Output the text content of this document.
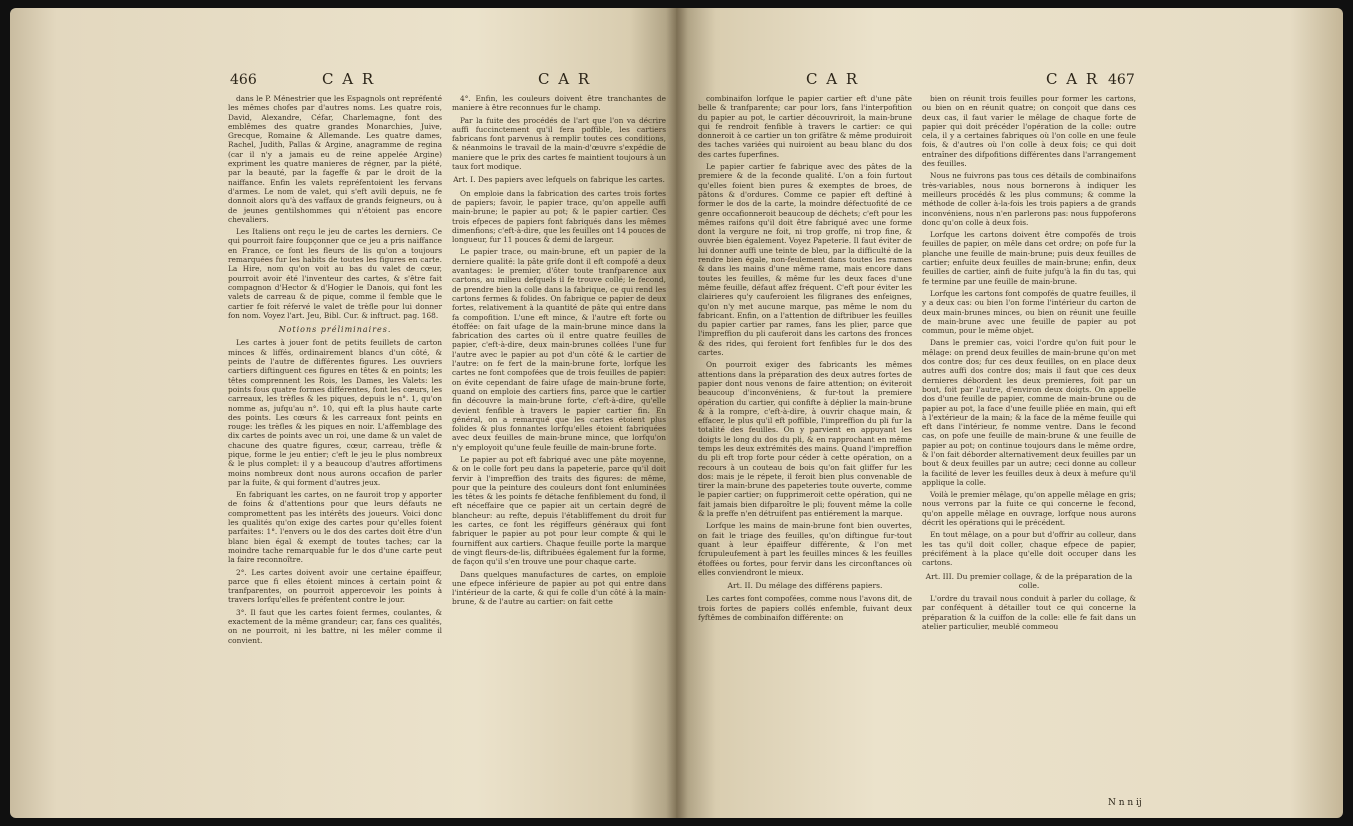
466	C A R	C A R

dans le P. Ménestrier que les Espagnols ont repréfenté les mêmes chofes par d'autres noms. Les quatre rois, David, Alexandre, Céfar, Charlemagne, font des emblêmes des quatre grandes Monarchies, Juive, Grecque, Romaine & Allemande. Les quatre dames, Rachel, Judith, Pallas & Argine, anagramme de regina (car il n'y a jamais eu de reine appelée Argine) expriment les quatre manieres de régner, par la piété, par la beauté, par la fageffe & par le droit de la naiffance. Enfin les valets repréfentoient les fervans d'armes. Le nom de valet, qui s'eft avili depuis, ne fe donnoit alors qu'à des vaffaux de grands feigneurs, ou à de jeunes gentilshommes qui n'étoient pas encore chevaliers.

Les Italiens ont reçu le jeu de cartes les derniers. Ce qui pourroit faire foupçonner que ce jeu a pris naiffance en France, ce font les fleurs de lis qu'on a toujours remarquées fur les habits de toutes les figures en carte. La Hire, nom qu'on voit au bas du valet de cœur, pourroit avoir été l'inventeur des cartes, & s'être fait compagnon d'Hector & d'Hogier le Danois, qui font les valets de carreau & de pique, comme il femble que le cartier fe foit réfervé le valet de trèfle pour lui donner fon nom. Voyez l'art. Jeu, Bibl. Cur. & inftruct. pag. 168.

Notions préliminaires.

Les cartes à jouer font de petits feuillets de carton minces & liffés, ordinairement blancs d'un côté, & peints de l'autre de différentes figures. Les ouvriers cartiers diftinguent ces figures en têtes & en points; les têtes comprennent les Rois, les Dames, les Valets: les points fous quatre formes différentes, font les cœurs, les carreaux, les trèfles & les piques, depuis le n°. 1, qu'on nomme as, jufqu'au n°. 10, qui eft la plus haute carte des points. Les cœurs & les carreaux font peints en rouge: les trèfles & les piques en noir. L'affemblage des dix cartes de points avec un roi, une dame & un valet de chacune des quatre figures, cœur, carreau, trèfle & pique, forme le jeu entier; c'eft le jeu le plus nombreux & le plus complet: il y a beaucoup d'autres affortimens moins nombreux dont nous aurons occafion de parler par la fuite, & qui forment d'autres jeux.

En fabriquant les cartes, on ne fauroit trop y apporter de foins & d'attentions pour que leurs défauts ne compromettent pas les intérêts des joueurs. Voici donc les qualités qu'on exige des cartes pour qu'elles foient parfaites: 1°. l'envers ou le dos des cartes doit être d'un blanc bien égal & exempt de toutes taches; car la moindre tache remarquable fur le dos d'une carte peut la faire reconnoître.

2°. Les cartes doivent avoir une certaine épaiffeur, parce que fi elles étoient minces à certain point & tranfparentes, on pourroit appercevoir les points à travers lorfqu'elles fe préfentent contre le jour.

3°. Il faut que les cartes foient fermes, coulantes, & exactement de la même grandeur; car, fans ces qualités, on ne pourroit, ni les battre, ni les mêler comme il convient.

4°. Enfin, les couleurs doivent être tranchantes de maniere à être reconnues fur le champ.

Par la fuite des procédés de l'art que l'on va décrire auffi fuccinctement qu'il fera poffible, les cartiers fabricans font parvenus à remplir toutes ces conditions, & néanmoins le travail de la main-d'œuvre s'expédie de maniere que le prix des cartes fe maintient toujours à un taux fort modique.

Art. I. Des papiers avec lefquels on fabrique les cartes.

On emploie dans la fabrication des cartes trois fortes de papiers; favoir, le papier trace, qu'on appelle auffi main-brune; le papier au pot; & le papier cartier. Ces trois efpeces de papiers font fabriqués dans les mêmes dimenfions; c'eft-à-dire, que les feuilles ont 14 pouces de longueur, fur 11 pouces & demi de largeur.

Le papier trace, ou main-brune, eft un papier de la derniere qualité: la pâte grife dont il eft compofé a deux avantages: le premier, d'ôter toute tranfparence aux cartons, au milieu defquels il fe trouve collé; le fecond, de prendre bien la colle dans la fabrique, ce qui rend les cartons fermes & folides. On fabrique ce papier de deux fortes, relativement à la quantité de pâte qui entre dans fa compofition. L'une eft mince, & l'autre eft forte ou étoffée: on fait ufage de la main-brune mince dans la fabrication des cartes où il entre quatre feuilles de papier, c'eft-à-dire, deux main-brunes collées l'une fur l'autre avec le papier au pot d'un côté & le cartier de l'autre: on fe fert de la main-brune forte, lorfque les cartes ne font compofées que de trois feuilles de papier: on évite cependant de faire ufage de main-brune forte, quand on emploie des cartiers fins, parce que le cartier fin découvre la main-brune forte, c'eft-à-dire, qu'elle devient fenfible à travers le papier cartier fin. En général, on a remarqué que les cartes étoient plus folides & plus fonnantes lorfqu'elles étoient fabriquées avec deux feuilles de main-brune mince, que lorfqu'on n'y employoit qu'une feule feuille de main-brune forte.

Le papier au pot eft fabriqué avec une pâte moyenne, & on le colle fort peu dans la papeterie, parce qu'il doit fervir à l'impreffion des traits des figures: de même, pour que la peinture des couleurs dont font enluminées les têtes & les points fe détache fenfiblement du fond, il eft néceffaire que ce papier ait un certain degré de blancheur: au refte, depuis l'établiffement du droit fur les cartes, ce font les régiffeurs généraux qui font fabriquer le papier au pot pour leur compte & qui le fourniffent aux cartiers. Chaque feuille porte la marque de vingt fleurs-de-lis, diftribuées également fur la forme, de façon qu'il s'en trouve une pour chaque carte.

Dans quelques manufactures de cartes, on emploie une efpece inférieure de papier au pot qui entre dans l'intérieur de la carte, & qui fe colle d'un côté à la main-brune, & de l'autre au cartier: on fait cette

C A R	C A R 467

combinaifon lorfque le papier cartier eft d'une pâte belle & tranfparente; car pour lors, fans l'interpofition du papier au pot, le cartier découvriroit, la main-brune qui fe rendroit fenfible à travers le cartier: ce qui donneroit à ce cartier un ton grifâtre & même produiroit des taches variées qui nuiroient au beau blanc du dos des cartes fuperfines.

Le papier cartier fe fabrique avec des pâtes de la premiere & de la feconde qualité. L'on a foin furtout qu'elles foient bien pures & exemptes de broes, de pâtons & d'ordures. Comme ce papier eft deftiné à former le dos de la carte, la moindre défectuofité de ce genre occafionneroit beaucoup de déchets; c'eft pour les mêmes raifons qu'il doit être fabriqué avec une forme dont la vergure ne foit, ni trop groffe, ni trop fine, & ouvrée bien également. Voyez Papeterie. Il faut éviter de lui donner auffi une teinte de bleu, par la difficulté de la rendre bien égale, non-feulement dans toutes les rames & dans les mains d'une même rame, mais encore dans toutes les feuilles, & même fur les deux faces d'une même feuille, défaut affez fréquent. C'eft pour éviter les clairieres qu'y cauferoient les filigranes des enfeignes, qu'on n'y met aucune marque, pas même le nom du fabricant. Enfin, on a l'attention de diftribuer les feuilles du papier cartier par rames, fans les plier, parce que l'impreffion du pli cauferoit dans les cartons des fronces & des rides, qui feroient fort fenfibles fur le dos des cartes.

On pourroit exiger des fabricants les mêmes attentions dans la préparation des deux autres fortes de papier dont nous venons de faire attention; on éviteroit beaucoup d'inconvéniens, & fur-tout la premiere opération du cartier, qui confifte à déplier la main-brune & à la rompre, c'eft-à-dire, à ouvrir chaque main, & effacer, le plus qu'il eft poffible, l'impreffion du pli fur la totalité des feuilles. On y parvient en appuyant les doigts le long du dos du pli, & en rapprochant en même temps les deux extrémités des mains. Quand l'impreffion du pli eft trop forte pour céder à cette opération, on a recours à un couteau de bois qu'on fait gliffer fur les dos: mais je le répete, il feroit bien plus convenable de tirer la main-brune des papeteries toute ouverte, comme le papier cartier; on fupprimeroit cette opération, qui ne fait jamais bien difparoître le pli; fouvent même la colle & la preffe n'en détruifent pas entiérement la marque.

Lorfque les mains de main-brune font bien ouvertes, on fait le triage des feuilles, qu'on diftingue fur-tout quant à leur épaiffeur différente, & l'on met fcrupuleufement à part les feuilles minces & les feuilles étoffées ou fortes, pour fervir dans les circonftances où elles conviendront le mieux.

Art. II. Du mélage des différens papiers.

Les cartes font compofées, comme nous l'avons dit, de trois fortes de papiers collés enfemble, fuivant deux fyftêmes de combinaifon différente: on

bien on réunit trois feuilles pour former les cartons, ou bien on en réunit quatre; on conçoit que dans ces deux cas, il faut varier le mêlage de chaque forte de papier qui doit précéder l'opération de la colle: outre cela, il y a certaines fabriques où l'on colle en une feule fois, & d'autres où l'on colle à deux fois; ce qui doit entraîner des difpofitions différentes dans l'arrangement des feuilles.

Nous ne fuivrons pas tous ces détails de combinaifons très-variables, nous nous bornerons à indiquer les meilleurs procédés & les plus communs; & comme la méthode de coller à-la-fois les trois papiers a de grands inconvéniens, nous n'en parlerons pas: nous fuppoferons donc qu'on colle à deux fois.

Lorfque les cartons doivent être compofés de trois feuilles de papier, on mêle dans cet ordre; on pofe fur la planche une feuille de main-brune; puis deux feuilles de cartier; enfuite deux feuilles de main-brune; enfin, deux feuilles de cartier, ainfi de fuite jufqu'à la fin du tas, qui fe termine par une feuille de main-brune.

Lorfque les cartons font compofés de quatre feuilles, il y a deux cas: ou bien l'on forme l'intérieur du carton de deux main-brunes minces, ou bien on réunit une feuille de main-brune avec une feuille de papier au pot commun, pour le même objet.

Dans le premier cas, voici l'ordre qu'on fuit pour le mêlage: on prend deux feuilles de main-brune qu'on met dos contre dos; fur ces deux feuilles, on en place deux autres auffi dos contre dos; mais il faut que ces deux dernieres débordent les deux premieres, foit par un bout, foit par l'autre, d'environ deux doigts. On appelle dos d'une feuille de papier, comme de main-brune ou de papier au pot, la face d'une feuille pliée en main, qui eft à l'extérieur de la main; & la face de la même feuille qui eft dans l'intérieur, fe nomme ventre. Dans le fecond cas, on pofe une feuille de main-brune & une feuille de papier au pot; on continue toujours dans le même ordre, & l'on fait déborder alternativement deux feuilles par un bout & deux feuilles par un autre; ceci donne au colleur la facilité de lever les feuilles deux à deux à mefure qu'il applique la colle.

Voilà le premier mêlage, qu'on appelle mêlage en gris; nous verrons par la fuite ce qui concerne le fecond, qu'on appelle mêlage en ouvrage, lorfque nous aurons décrit les opérations qui le précédent.

En tout mêlage, on a pour but d'offrir au colleur, dans les tas qu'il doit coller, chaque efpece de papier, précifément à la place qu'elle doit occuper dans les cartons.

Art. III. Du premier collage, & de la préparation de la colle.

L'ordre du travail nous conduit à parler du collage, & par conféquent à détailler tout ce qui concerne la préparation & la cuiffon de la colle: elle fe fait dans un atelier particulier, meublé commeou

N n n ij
